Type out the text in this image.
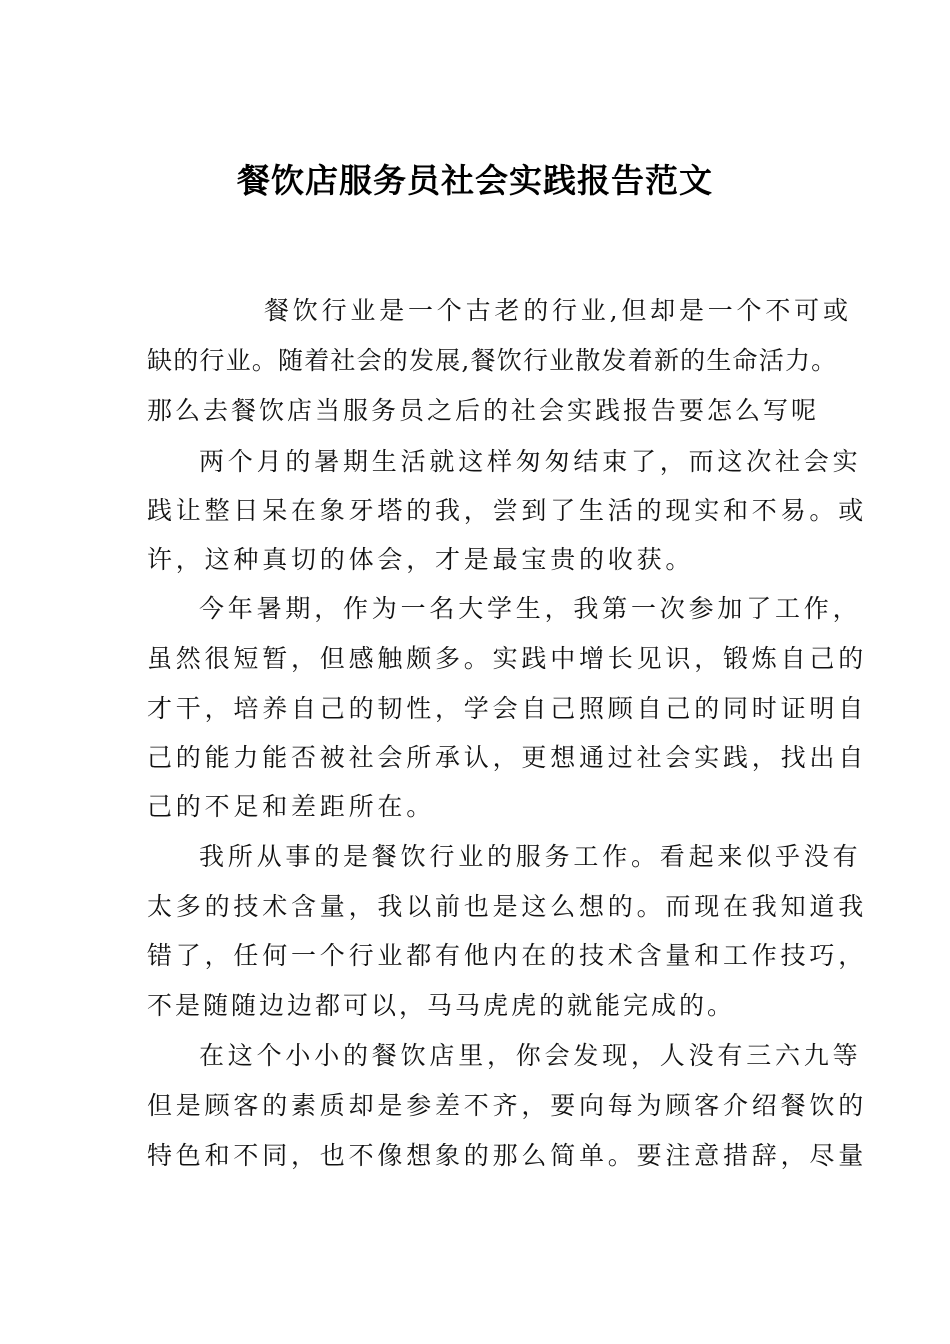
餐饮店服务员社会实践报告范文
餐饮行业是一个古老的行业,但却是一个不可或
缺的行业。随着社会的发展,餐饮行业散发着新的生命活力。
那么去餐饮店当服务员之后的社会实践报告要怎么写呢
两个月的暑期生活就这样匆匆结束了，而这次社会实
践让整日呆在象牙塔的我，尝到了生活的现实和不易。或
许，这种真切的体会，才是最宝贵的收获。
今年暑期，作为一名大学生，我第一次参加了工作，
虽然很短暂，但感触颇多。实践中增长见识，锻炼自己的
才干，培养自己的韧性，学会自己照顾自己的同时证明自
己的能力能否被社会所承认，更想通过社会实践，找出自
己的不足和差距所在。
我所从事的是餐饮行业的服务工作。看起来似乎没有
太多的技术含量，我以前也是这么想的。而现在我知道我
错了，任何一个行业都有他内在的技术含量和工作技巧，
不是随随边边都可以，马马虎虎的就能完成的。
在这个小小的餐饮店里，你会发现，人没有三六九等
但是顾客的素质却是参差不齐，要向每为顾客介绍餐饮的
特色和不同，也不像想象的那么简单。要注意措辞，尽量
